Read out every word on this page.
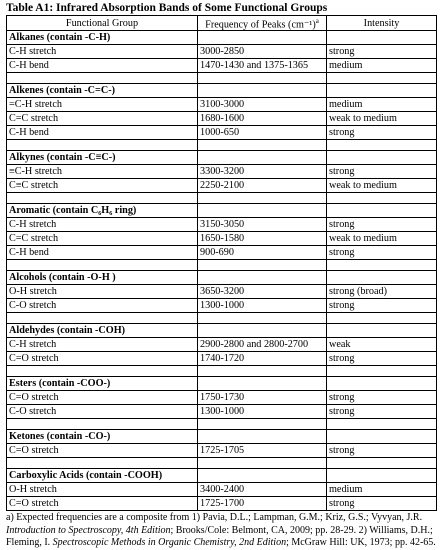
Table A1: Infrared Absorption Bands of Some Functional Groups
Functional Group	Frequency of Peaks $(cm^{-1})^a$	Intensity
Alkanes (contain -C-H)		
C-H stretch	3000-2850	strong
C-H bend	1470-1430 and 1375-1365	medium

Alkenes (contain -C=C-)		
=C-H stretch	3100-3000	medium
C=C stretch	1680-1600	weak to medium
C-H bend	1000-650	strong

Alkynes (contain -C≡C-)		
≡C-H stretch	3300-3200	strong
C≡C stretch	2250-2100	weak to medium

Aromatic (contain C₆H₆ ring)		
C-H stretch	3150-3050	strong
C=C stretch	1650-1580	weak to medium
C-H bend	900-690	strong

Alcohols (contain -O-H )		
O-H stretch	3650-3200	strong (broad)
C-O stretch	1300-1000	strong

Aldehydes (contain -COH)		
C-H stretch	2900-2800 and 2800-2700	weak
C=O stretch	1740-1720	strong

Esters (contain -COO-)		
C=O stretch	1750-1730	strong
C-O stretch	1300-1000	strong

Ketones (contain -CO-)		
C=O stretch	1725-1705	strong

Carboxylic Acids (contain -COOH)		
O-H stretch	3400-2400	medium
C=O stretch	1725-1700	strong
a) Expected frequencies are a composite from 1) Pavia, D.L.; Lampman, G.M.; Kriz, G.S.; Vyvyan, J.R. Introduction to Spectroscopy, 4th Edition; Brooks/Cole: Belmont, CA, 2009; pp. 28-29. 2) Williams, D.H.; Fleming, I. Spectroscopic Methods in Organic Chemistry, 2nd Edition; McGraw Hill: UK, 1973; pp. 42-65.
